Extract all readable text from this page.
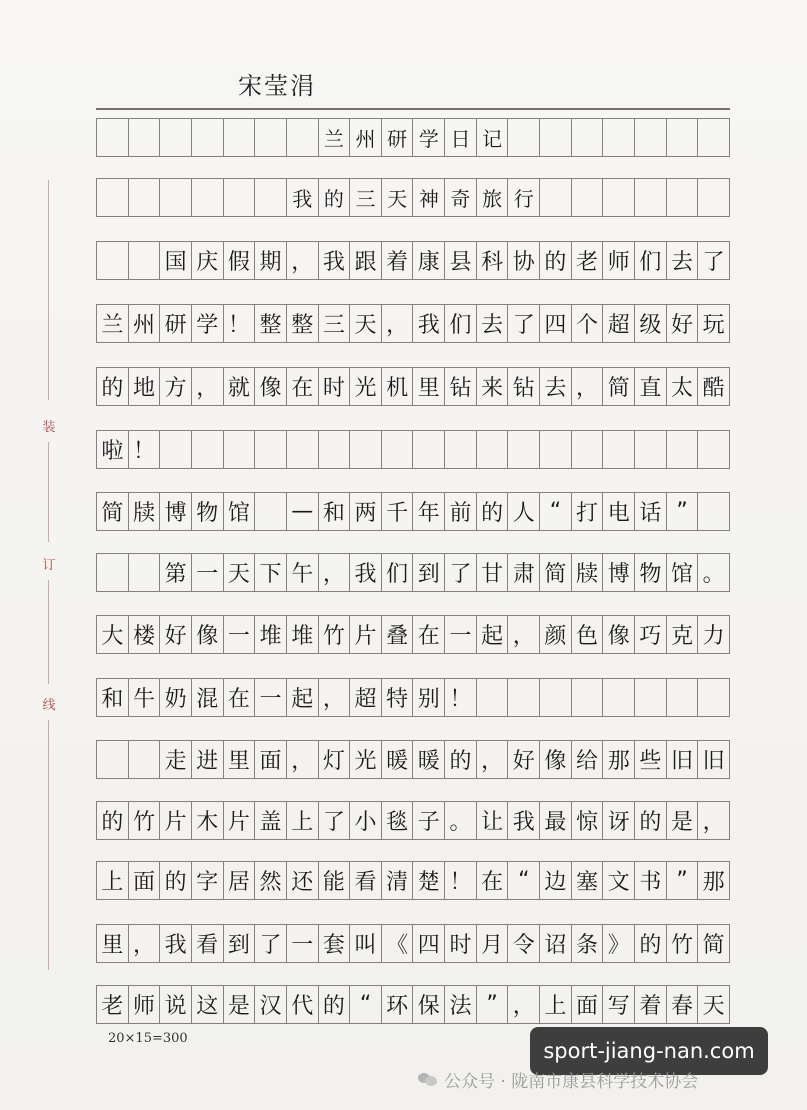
宋莹涓
装
订
线
兰 州 研 学 日 记
我 的 三 天 神 奇 旅 行
国 庆 假 期 ， 我 跟 着 康 县 科 协 的 老 师 们 去 了
兰 州 研 学 ！ 整 整 三 天 ， 我 们 去 了 四 个 超 级 好 玩
的 地 方 ， 就 像 在 时 光 机 里 钻 来 钻 去 ， 简 直 太 酷
啦 ！
简 牍 博 物 馆 — 和 两 千 年 前 的 人 “ 打 电 话 ”
第 一 天 下 午 ， 我 们 到 了 甘 肃 简 牍 博 物 馆 。
大 楼 好 像 一 堆 堆 竹 片 叠 在 一 起 ， 颜 色 像 巧 克 力
和 牛 奶 混 在 一 起 ， 超 特 别 ！
走 进 里 面 ， 灯 光 暖 暖 的 ， 好 像 给 那 些 旧 旧
的 竹 片 木 片 盖 上 了 小 毯 子 。 让 我 最 惊 讶 的 是 ，
上 面 的 字 居 然 还 能 看 清 楚 ！ 在 “ 边 塞 文 书 ” 那
里 ， 我 看 到 了 一 套 叫 《 四 时 月 令 诏 条 》 的 竹 简
老 师 说 这 是 汉 代 的 “ 环 保 法 ” ， 上 面 写 着 春 天
20×15=300
sport-jiang-nan.com
公众号 · 陇南市康县科学技术协会
